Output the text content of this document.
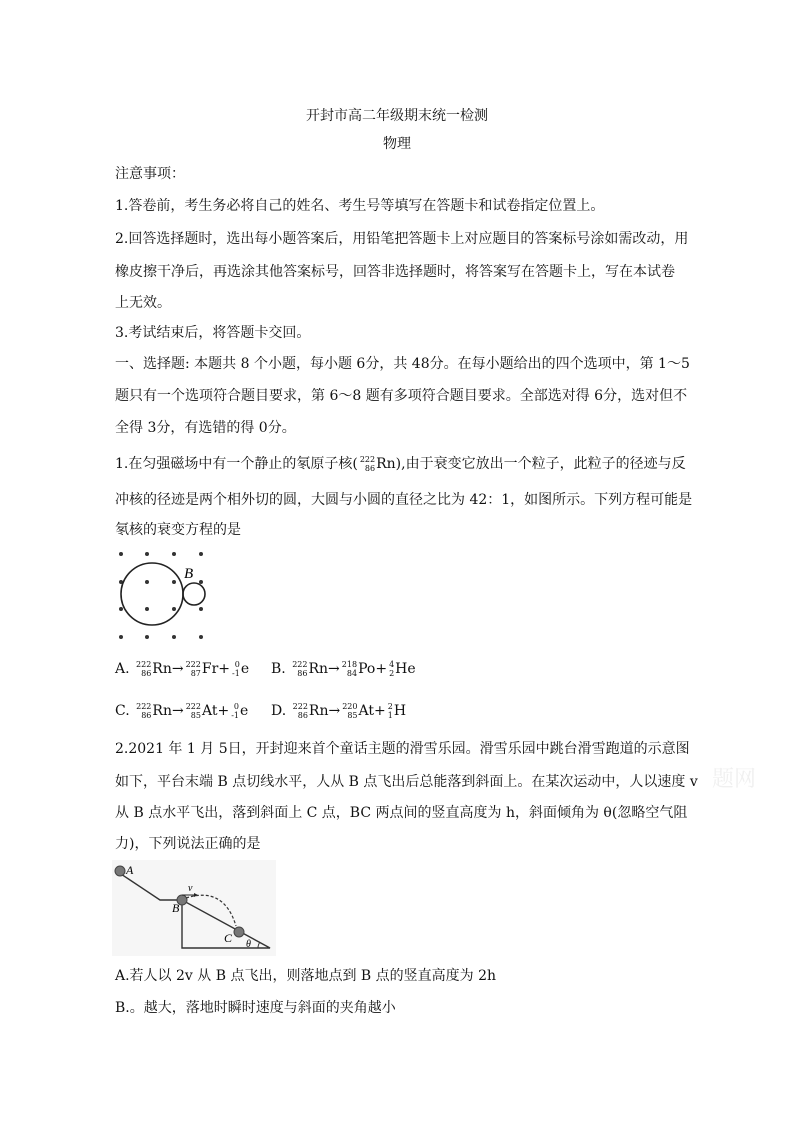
开封市高二年级期末统一检测
物理
注意事项：
1.答卷前，考生务必将自己的姓名、考生号等填写在答题卡和试卷指定位置上。
2.回答选择题时，选出每小题答案后，用铅笔把答题卡上对应题目的答案标号涂如需改动，用
橡皮擦干净后，再选涂其他答案标号，回答非选择题时，将答案写在答题卡上，写在本试卷
上无效。
3.考试结束后，将答题卡交回。
一、选择题: 本题共 8 个小题，每小题 6分，共 48分。在每小题给出的四个选项中，第 1～5
题只有一个选项符合题目要求，第 6～8 题有多项符合题目要求。全部选对得 6分，选对但不
全得 3分，有选错的得 0分。
1.在匀强磁场中有一个静止的氡原子核( 222
86 Rn),由于衰变它放出一个粒子，此粒子的径迹与反
冲核的径迹是两个相外切的圆，大圆与小圆的直径之比为 42：1，如图所示。下列方程可能是
氡核的衰变方程的是
B
A. 222
86 Rn→ 222
87 Fr+ 0
-1 e B. 222
86 Rn→ 218
84 Po+ 4
2 He
C. 222
86 Rn→ 222
85 At+ 0
-1 e D. 222
86 Rn→ 220
85 At+ 2
1 H
2.2021 年 1 月 5日，开封迎来首个童话主题的滑雪乐园。滑雪乐园中跳台滑雪跑道的示意图
如下，平台末端 B 点切线水平，人从 B 点飞出后总能落到斜面上。在某次运动中，人以速度 v
从 B 点水平飞出，落到斜面上 C 点，BC 两点间的竖直高度为 h，斜面倾角为 θ(忽略空气阻
力)，下列说法正确的是
题网
A
B
C
v
θ
A.若人以 2v 从 B 点飞出，则落地点到 B 点的竖直高度为 2h
B.。越大，落地时瞬时速度与斜面的夹角越小
